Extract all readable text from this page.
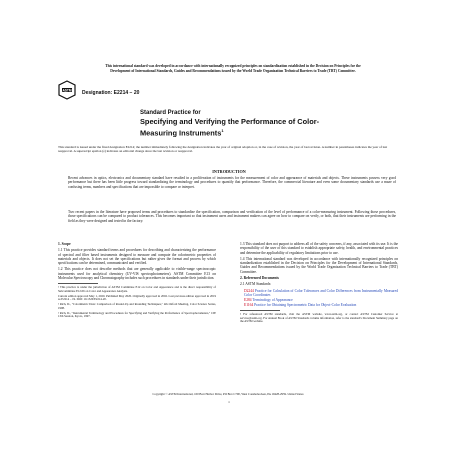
This international standard was developed in accordance with internationally recognized principles on standardization established in the Decision on Principles for the
Development of International Standards, Guides and Recommendations issued by the World Trade Organization Technical Barriers to Trade (TBT) Committee.
ASTM Designation: E2214 − 20
Standard Practice for
Specifying and Verifying the Performance of Color-Measuring Instruments$^1$
This standard is issued under the fixed designation E2214; the number immediately following the designation indicates the year of original adoption or, in the case of revision, the year of last revision. A number in parentheses indicates the year of last reapproval. A superscript epsilon (ε) indicates an editorial change since the last revision or reapproval.
INTRODUCTION
Recent advances in optics, electronics and documentary standard have resulted in a proliferation of instruments for the measurement of color and appearance of materials and objects. These instruments possess very good performance but there has been little progress toward standardizing the terminology and procedures to quantify that performance. Therefore, the commercial literature and even some documentary standards use a maze of confusing terms, numbers and specifications that are impossible to compare or interpret.
Two recent papers in the literature have proposed terms and procedures to standardize the specification, comparison and verification of the level of performance of a color-measuring instrument. Following those procedures, those specifications can be compared to product tolerances. This becomes important so that instrument users and instrument makers can agree on how to compare on verify, or both, that their instruments are performing in the field as they were designed and tested in the factory.
1. Scope
1.1 This practice provides standard terms and procedures for describing and characterizing the performance of spectral and filter based instruments designed to measure and compute the colorimetric properties of materials and objects. It does not set the specifications but rather gives the format and process by which specifications can be determined, communicated and verified.
1.2 This practice does not describe methods that are generally applicable to visible-range spectroscopic instruments used for analytical chemistry (UV-VIS spectrophotometers). ASTM Committee E13 on Molecular Spectroscopy and Chromatography includes such procedures in standards under their jurisdiction.
¹ This practice is under the jurisdiction of ASTM Committee E12 on Color and Appearance and is the direct responsibility of Subcommittee E12.06 on Color and Appearance Analysis.
Current edition approved May 1, 2020. Published May 2020. Originally approved in 2002. Last previous edition approved in 2019 as E2214 – 19. DOI: 10.1520/E2214-20.
² Rich, D., "Colorimetric Data: Comparison of Round-Up and Rounding Techniques," 4th Oxford Meeting, Color Science Series, 1998.
³ Rich, D., "Instrumental Terminology and Procedures for Specifying and Verifying the Performance of Spectrophotometers," CIE 13th Session, Kyoto, 1997.
1.3 This standard does not purport to address all of the safety concerns, if any, associated with its use. It is the responsibility of the user of this standard to establish appropriate safety, health, and environmental practices and determine the applicability of regulatory limitations prior to use.
1.4 This international standard was developed in accordance with internationally recognized principles on standardization established in the Decision on Principles for the Development of International Standards, Guides and Recommendations issued by the World Trade Organization Technical Barriers to Trade (TBT) Committee.
2. Referenced Documents
2.1 ASTM Standards:
D2244 Practice for Calculation of Color Tolerances and Color Differences from Instrumentally Measured Color Coordinates
E284 Terminology of Appearance
E1164 Practice for Obtaining Spectrometric Data for Object-Color Evaluation
⁴ For referenced ASTM standards, visit the ASTM website, www.astm.org, or contact ASTM Customer Service at service@astm.org. For Annual Book of ASTM Standards volume information, refer to the standard's Document Summary page on the ASTM website.
Copyright © ASTM International, 100 Barr Harbor Drive, PO Box C700, West Conshohocken, PA 19428-2959. United States
1
